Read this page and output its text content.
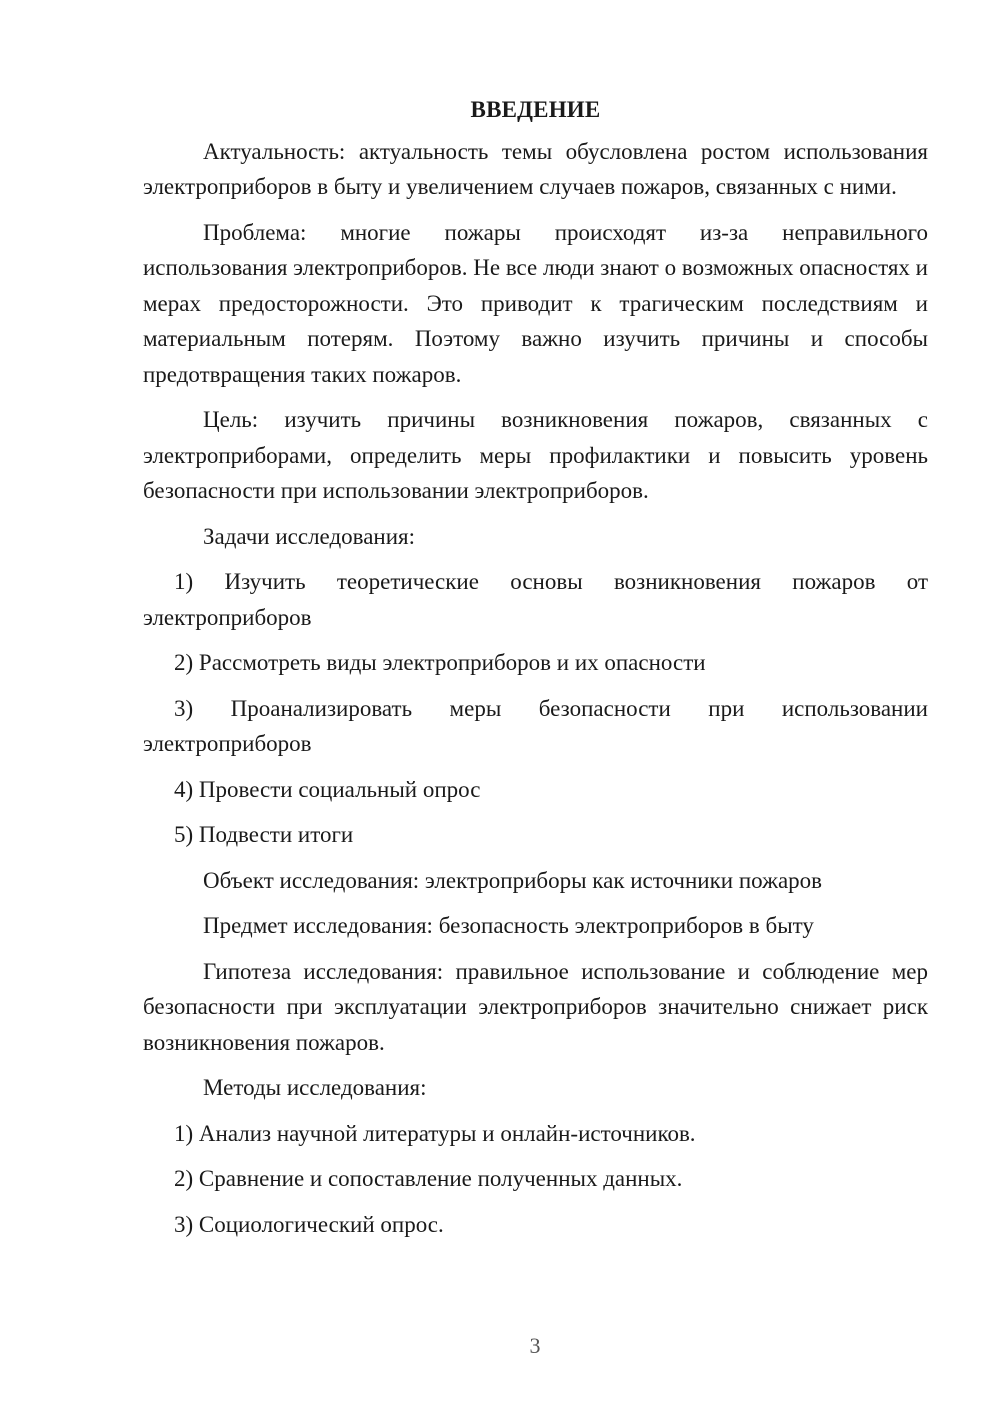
ВВЕДЕНИЕ

Актуальность: актуальность темы обусловлена ростом использования электроприборов в быту и увеличением случаев пожаров, связанных с ними.

Проблема: многие пожары происходят из-за неправильного использования электроприборов. Не все люди знают о возможных опасностях и мерах предосторожности. Это приводит к трагическим последствиям и материальным потерям. Поэтому важно изучить причины и способы предотвращения таких пожаров.

Цель: изучить причины возникновения пожаров, связанных с электроприборами, определить меры профилактики и повысить уровень безопасности при использовании электроприборов.

Задачи исследования:

1) Изучить теоретические основы возникновения пожаров от электроприборов

2) Рассмотреть виды электроприборов и их опасности

3) Проанализировать меры безопасности при использовании электроприборов

4) Провести социальный опрос

5) Подвести итоги

Объект исследования: электроприборы как источники пожаров

Предмет исследования: безопасность электроприборов в быту

Гипотеза исследования: правильное использование и соблюдение мер безопасности при эксплуатации электроприборов значительно снижает риск возникновения пожаров.

Методы исследования:

1) Анализ научной литературы и онлайн-источников.

2) Сравнение и сопоставление полученных данных.

3) Социологический опрос.

3
